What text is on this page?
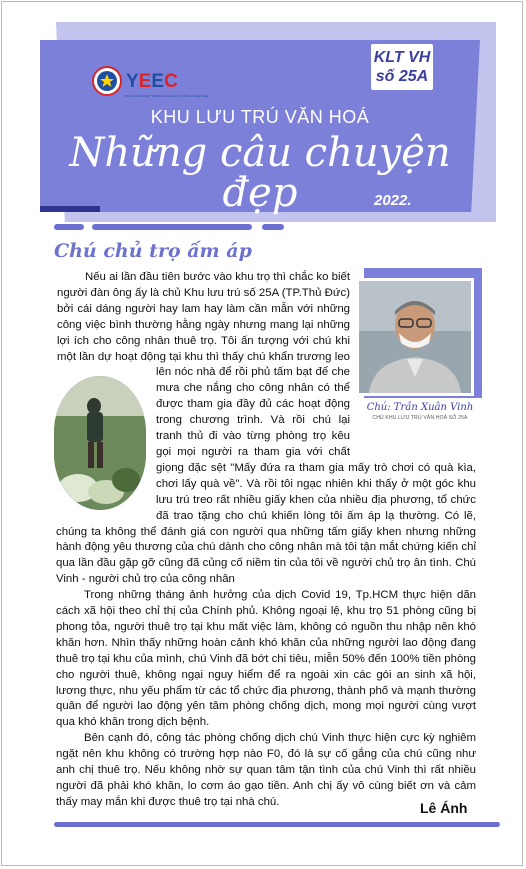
YEEC
TRUNG TÂM PHÁT TRIỂN KHOA HỌC VÀ CÔNG NGHỆ TRẺ
KLT VH
số 25A
KHU LƯU TRÚ VĂN HOÁ
Những câu chuyện đẹp	2022.
Chú chủ trọ ấm áp
Chú: Trần Xuân Vinh
CHỦ KHU LƯU TRÚ VĂN HOÁ SỐ 25A

Nếu ai lần đầu tiên bước vào khu trọ thì chắc ko biết người đàn ông ấy là chủ Khu lưu trú số 25A (TP.Thủ Đức) bởi cái dáng người hay lam hay làm cần mẫn với những công việc bình thường hằng ngày nhưng mang lại những lợi ích cho công nhân thuê trọ. Tôi ấn tượng với chú khi một lần dự hoạt động tại khu thì thấy chú khẩn trương leo lên nóc nhà để rồi phủ tấm bạt để che mưa che nắng cho công nhân có thể được tham gia đầy đủ các hoạt động trong chương trình. Và rồi chú lại tranh thủ đi vào từng phòng trọ kêu gọi mọi người ra tham gia với chất giọng đặc sệt "Mấy đứa ra tham gia mấy trò chơi có quà kìa, chơi lấy quà về". Và rồi tôi ngạc nhiên khi thấy ở một góc khu lưu trú treo rất nhiều giấy khen của nhiều địa phương, tổ chức đã trao tặng cho chú khiến lòng tôi ấm áp lạ thường. Có lẽ, chúng ta không thể đánh giá con người qua những tấm giấy khen nhưng những hành động yêu thương của chú dành cho công nhân mà tôi tận mắt chứng kiến chỉ qua lần đầu gặp gỡ cũng đã củng cố niềm tin của tôi về người chủ trọ ân tình. Chú Vinh - người chủ trọ của công nhân

Trong những tháng ảnh hưởng của dịch Covid 19, Tp.HCM thực hiện dãn cách xã hội theo chỉ thị của Chính phủ. Không ngoại lệ, khu trọ 51 phòng cũng bị phong tỏa, người thuê trọ tại khu mất việc làm, không có nguồn thu nhập nên khó khăn hơn. Nhìn thấy những hoàn cảnh khó khăn của những người lao động đang thuê trọ tại khu của mình, chú Vinh đã bớt chi tiêu, miễn 50% đến 100% tiền phòng cho người thuê, không ngại nguy hiểm để ra ngoài xin các gói an sinh xã hội, lương thực, nhu yếu phẩm từ các tổ chức địa phương, thành phố và mạnh thường quân để người lao động yên tâm phòng chống dịch, mong mọi người cùng vượt qua khó khăn trong dịch bệnh.

Bên cạnh đó, công tác phòng chống dịch chú Vinh thực hiện cực kỳ nghiêm ngặt nên khu không có trường hợp nào F0, đó là sự cố gắng của chú cũng như anh chị thuê trọ. Nếu không nhờ sự quan tâm tận tình của chú Vinh thì rất nhiều người đã phải khó khăn, lo cơm áo gạo tiền. Anh chị ấy vô cùng biết ơn và cảm thấy may mắn khi được thuê trọ tại nhà chú.	Lê Ánh
